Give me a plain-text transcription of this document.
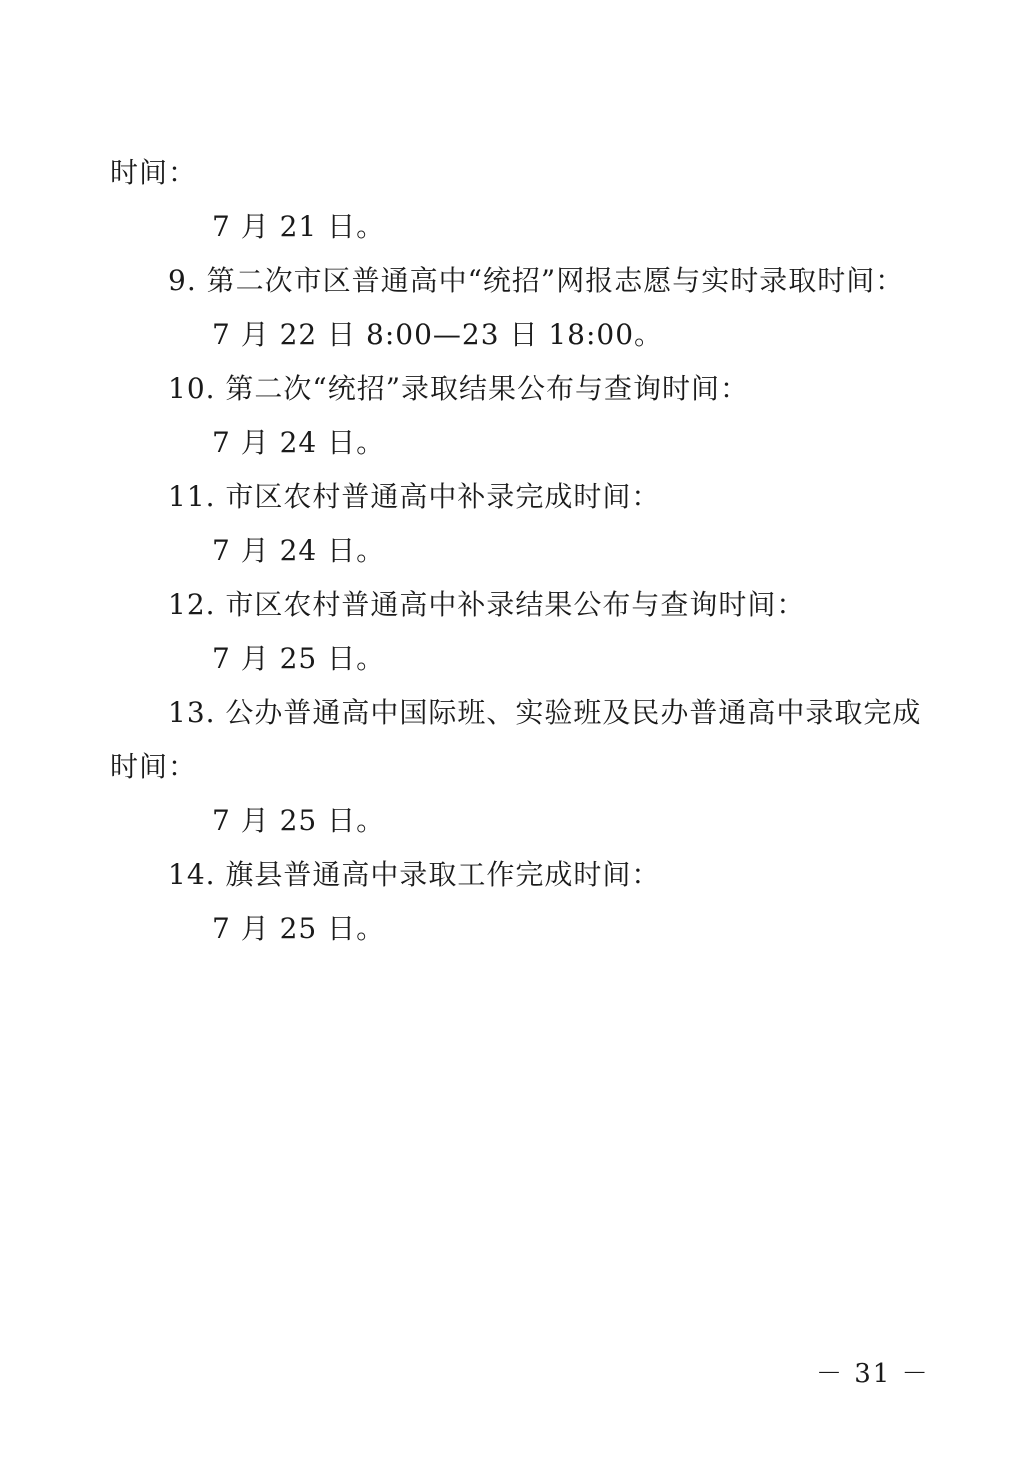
时间：
7 月 21 日。
9. 第二次市区普通高中“统招”网报志愿与实时录取时间：
7 月 22 日 8:00—23 日 18:00。
10. 第二次“统招”录取结果公布与查询时间：
7 月 24 日。
11. 市区农村普通高中补录完成时间：
7 月 24 日。
12. 市区农村普通高中补录结果公布与查询时间：
7 月 25 日。
13. 公办普通高中国际班、实验班及民办普通高中录取完成
时间：
7 月 25 日。
14. 旗县普通高中录取工作完成时间：
7 月 25 日。
－ 31 －
